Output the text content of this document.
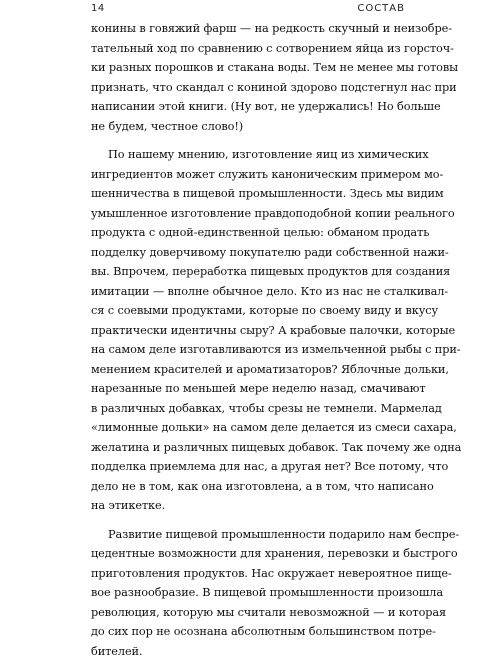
14	СОСТАВ
конины в говяжий фарш — на редкость скучный и неизобре-
тательный ход по сравнению с сотворением яйца из горсточ-
ки разных порошков и стакана воды. Тем не менее мы готовы
признать, что скандал с кониной здорово подстегнул нас при
написании этой книги. (Ну вот, не удержались! Но больше
не будем, честное слово!)
По нашему мнению, изготовление яиц из химических
ингредиентов может служить каноническим примером мо-
шенничества в пищевой промышленности. Здесь мы видим
умышленное изготовление правдоподобной копии реального
продукта с одной-единственной целью: обманом продать
подделку доверчивому покупателю ради собственной нажи-
вы. Впрочем, переработка пищевых продуктов для создания
имитации — вполне обычное дело. Кто из нас не сталкивал-
ся с соевыми продуктами, которые по своему виду и вкусу
практически идентичны сыру? А крабовые палочки, которые
на самом деле изготавливаются из измельченной рыбы с при-
менением красителей и ароматизаторов? Яблочные дольки,
нарезанные по меньшей мере неделю назад, смачивают
в различных добавках, чтобы срезы не темнели. Мармелад
«лимонные дольки» на самом деле делается из смеси сахара,
желатина и различных пищевых добавок. Так почему же одна
подделка приемлема для нас, а другая нет? Все потому, что
дело не в том, как она изготовлена, а в том, что написано
на этикетке.
Развитие пищевой промышленности подарило нам беспре-
цедентные возможности для хранения, перевозки и быстрого
приготовления продуктов. Нас окружает невероятное пище-
вое разнообразие. В пищевой промышленности произошла
революция, которую мы считали невозможной — и которая
до сих пор не осознана абсолютным большинством потре-
бителей.
